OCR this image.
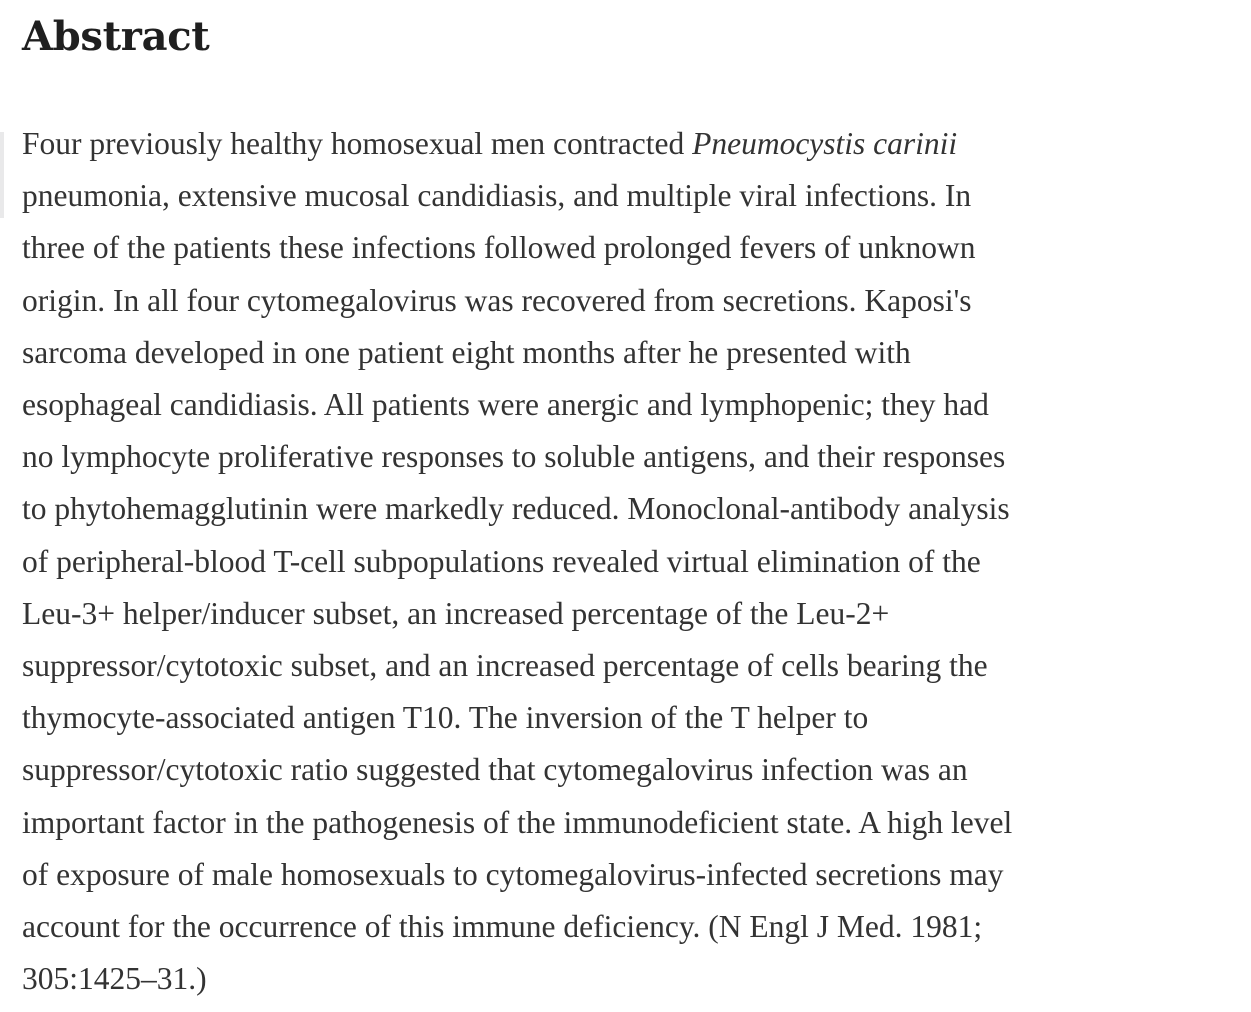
Abstract

Four previously healthy homosexual men contracted Pneumocystis carinii
pneumonia, extensive mucosal candidiasis, and multiple viral infections. In
three of the patients these infections followed prolonged fevers of unknown
origin. In all four cytomegalovirus was recovered from secretions. Kaposi's
sarcoma developed in one patient eight months after he presented with
esophageal candidiasis. All patients were anergic and lymphopenic; they had
no lymphocyte proliferative responses to soluble antigens, and their responses
to phytohemagglutinin were markedly reduced. Monoclonal-antibody analysis
of peripheral-blood T-cell subpopulations revealed virtual elimination of the
Leu-3+ helper/inducer subset, an increased percentage of the Leu-2+
suppressor/cytotoxic subset, and an increased percentage of cells bearing the
thymocyte-associated antigen T10. The inversion of the T helper to
suppressor/cytotoxic ratio suggested that cytomegalovirus infection was an
important factor in the pathogenesis of the immunodeficient state. A high level
of exposure of male homosexuals to cytomegalovirus-infected secretions may
account for the occurrence of this immune deficiency. (N Engl J Med. 1981;
305:1425–31.)
